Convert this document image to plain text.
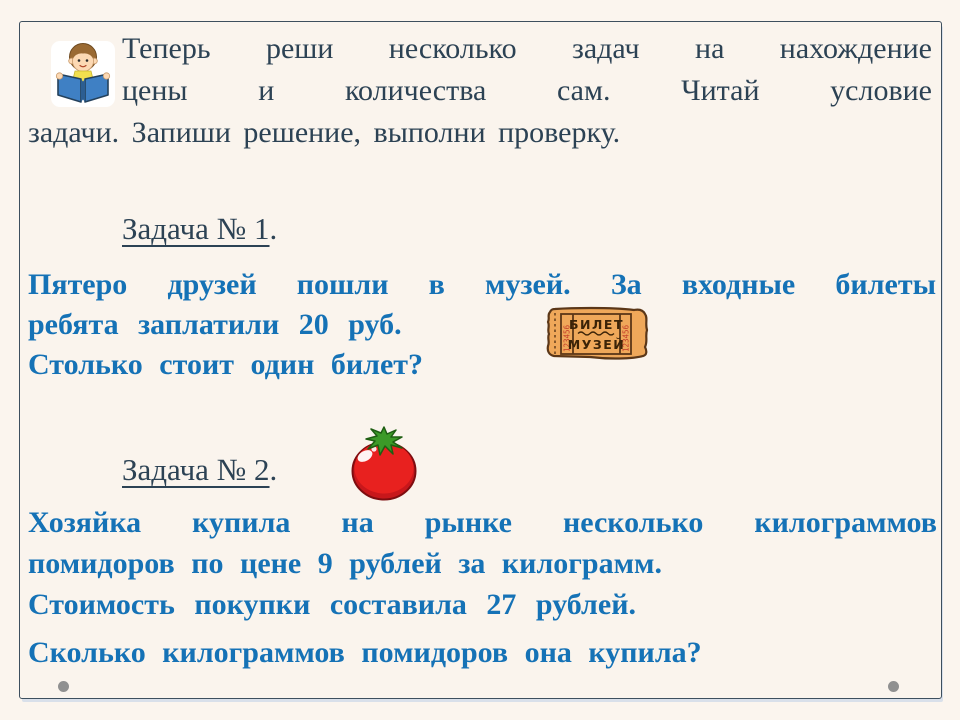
Теперь реши несколько задач на нахождение
цены и количества сам. Читай условие
задачи. Запиши решение, выполни проверку.
Задача № 1.
Пятеро друзей пошли в музей. За входные билеты
ребята заплатили 20 руб.
Столько стоит один билет?
123456	123456
БИЛЕТ
МУЗЕЙ
Задача № 2.
Хозяйка купила на рынке несколько килограммов
помидоров по цене 9 рублей за килограмм.
Стоимость покупки составила 27 рублей.
Сколько килограммов помидоров она купила?
